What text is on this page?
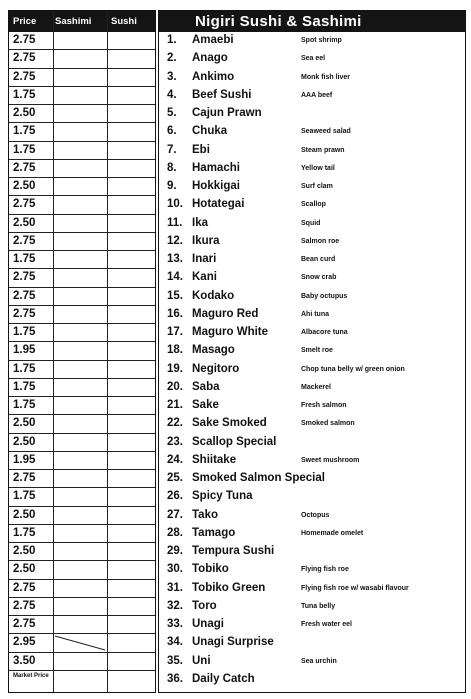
Price Sashimi Sushi
2.75
2.75
2.75
1.75
2.50
1.75
1.75
2.75
2.50
2.75
2.50
2.75
1.75
2.75
2.75
2.75
1.75
1.95
1.75
1.75
1.75
2.50
2.50
1.95
2.75
1.75
2.50
1.75
2.50
2.50
2.75
2.75
2.75
2.95
3.50
Market Price
Nigiri Sushi & Sashimi
1. Amaebi	Spot shrimp
2. Anago	Sea eel
3. Ankimo	Monk fish liver
4. Beef Sushi	AAA beef
5. Cajun Prawn
6. Chuka	Seaweed salad
7. Ebi	Steam prawn
8. Hamachi	Yellow tail
9. Hokkigai	Surf clam
10. Hotategai	Scallop
11. Ika	Squid
12. Ikura	Salmon roe
13. Inari	Bean curd
14. Kani	Snow crab
15. Kodako	Baby octupus
16. Maguro Red	Ahi tuna
17. Maguro White	Albacore tuna
18. Masago	Smelt roe
19. Negitoro	Chop tuna belly w/ green onion
20. Saba	Mackerel
21. Sake	Fresh salmon
22. Sake Smoked	Smoked salmon
23. Scallop Special
24. Shiitake	Sweet mushroom
25. Smoked Salmon Special
26. Spicy Tuna
27. Tako	Octopus
28. Tamago	Homemade omelet
29. Tempura Sushi
30. Tobiko	Flying fish roe
31. Tobiko Green	Flying fish roe w/ wasabi flavour
32. Toro	Tuna belly
33. Unagi	Fresh water eel
34. Unagi Surprise
35. Uni	Sea urchin
36. Daily Catch
